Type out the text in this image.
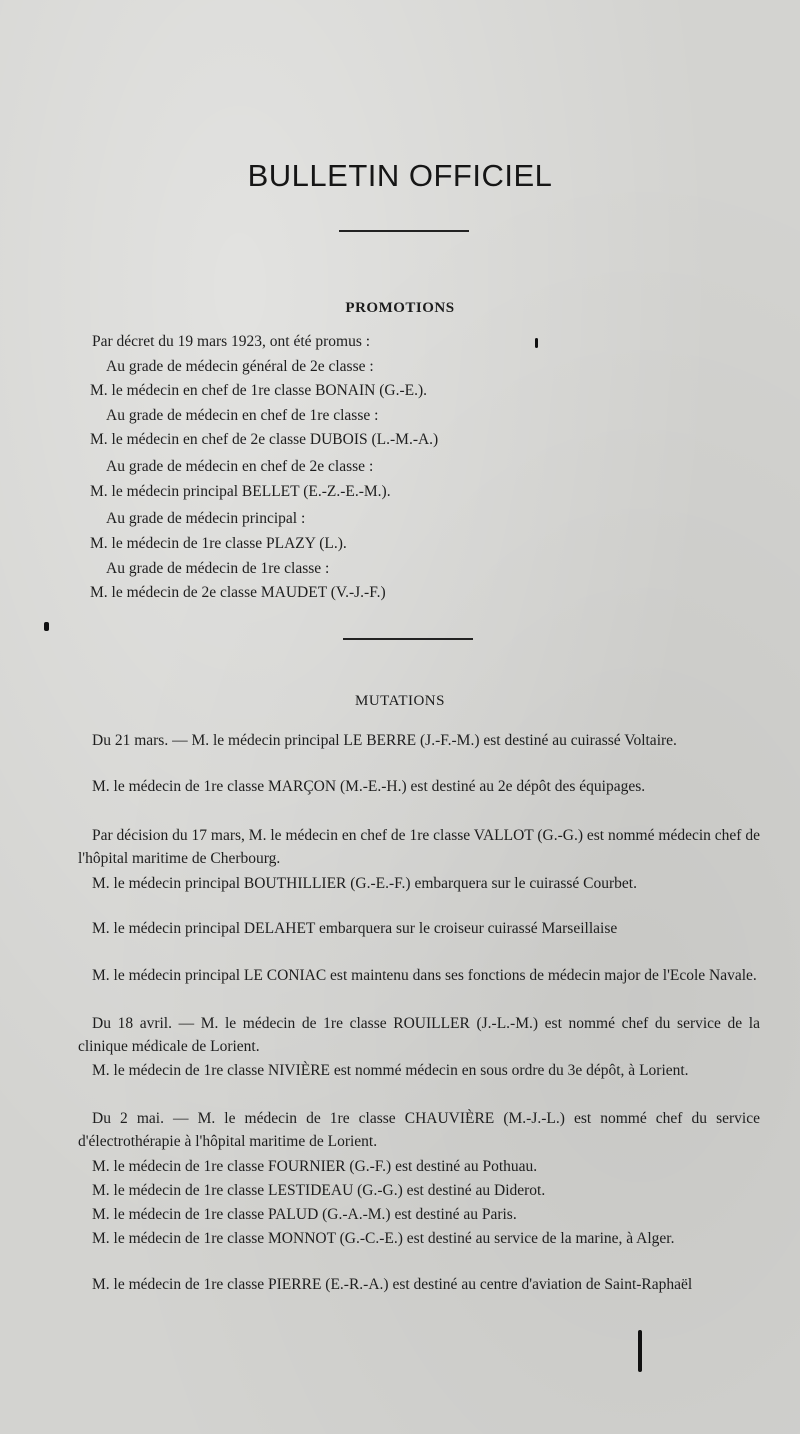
BULLETIN OFFICIEL
PROMOTIONS
Par décret du 19 mars 1923, ont été promus :
Au grade de médecin général de 2e classe :
M. le médecin en chef de 1re classe BONAIN (G.-E.).
Au grade de médecin en chef de 1re classe :
M. le médecin en chef de 2e classe DUBOIS (L.-M.-A.)
Au grade de médecin en chef de 2e classe :
M. le médecin principal BELLET (E.-Z.-E.-M.).
Au grade de médecin principal :
M. le médecin de 1re classe PLAZY (L.).
Au grade de médecin de 1re classe :
M. le médecin de 2e classe MAUDET (V.-J.-F.)
MUTATIONS
Du 21 mars. — M. le médecin principal LE BERRE (J.-F.-M.) est destiné au cuirassé Voltaire.
M. le médecin de 1re classe MARÇON (M.-E.-H.) est destiné au 2e dépôt des équipages.
Par décision du 17 mars, M. le médecin en chef de 1re classe VALLOT (G.-G.) est nommé médecin chef de l'hôpital maritime de Cherbourg.
M. le médecin principal BOUTHILLIER (G.-E.-F.) embarquera sur le cuirassé Courbet.
M. le médecin principal DELAHET embarquera sur le croiseur cuirassé Marseillaise
M. le médecin principal LE CONIAC est maintenu dans ses fonctions de médecin major de l'Ecole Navale.
Du 18 avril. — M. le médecin de 1re classe ROUILLER (J.-L.-M.) est nommé chef du service de la clinique médicale de Lorient.
M. le médecin de 1re classe NIVIÈRE est nommé médecin en sous ordre du 3e dépôt, à Lorient.
Du 2 mai. — M. le médecin de 1re classe CHAUVIÈRE (M.-J.-L.) est nommé chef du service d'électrothérapie à l'hôpital maritime de Lorient.
M. le médecin de 1re classe FOURNIER (G.-F.) est destiné au Pothuau.
M. le médecin de 1re classe LESTIDEAU (G.-G.) est destiné au Diderot.
M. le médecin de 1re classe PALUD (G.-A.-M.) est destiné au Paris.
M. le médecin de 1re classe MONNOT (G.-C.-E.) est destiné au service de la marine, à Alger.
M. le médecin de 1re classe PIERRE (E.-R.-A.) est destiné au centre d'aviation de Saint-Raphaël
